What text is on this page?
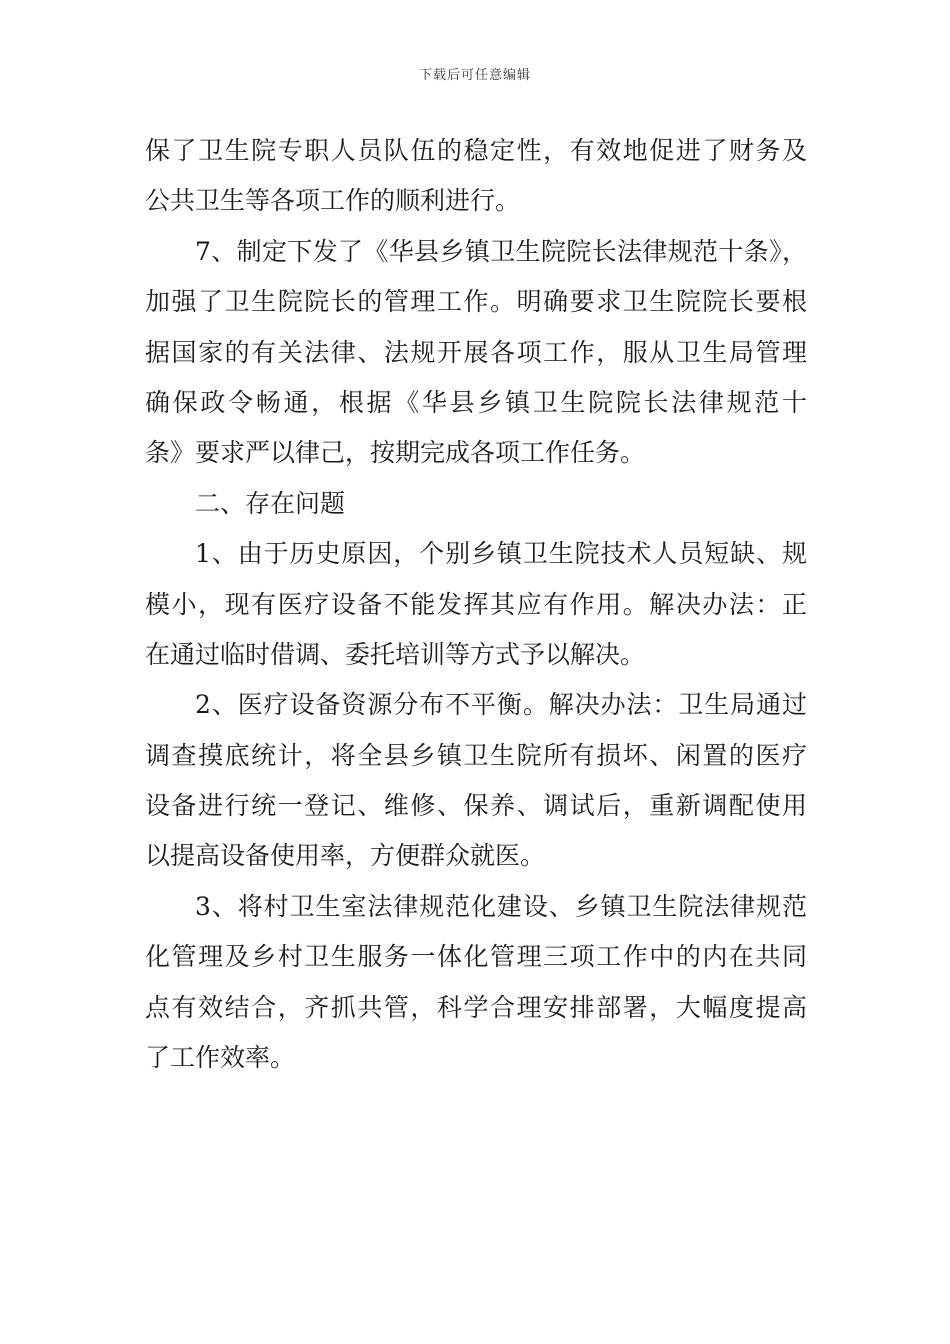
下载后可任意编辑
保了卫生院专职人员队伍的稳定性，有效地促进了财务及
公共卫生等各项工作的顺利进行。
7、制定下发了《华县乡镇卫生院院长法律规范十条》，
加强了卫生院院长的管理工作。明确要求卫生院院长要根
据国家的有关法律、法规开展各项工作，服从卫生局管理
确保政令畅通，根据《华县乡镇卫生院院长法律规范十
条》要求严以律己，按期完成各项工作任务。
二、存在问题
1、由于历史原因，个别乡镇卫生院技术人员短缺、规
模小，现有医疗设备不能发挥其应有作用。解决办法：正
在通过临时借调、委托培训等方式予以解决。
2、医疗设备资源分布不平衡。解决办法：卫生局通过
调查摸底统计，将全县乡镇卫生院所有损坏、闲置的医疗
设备进行统一登记、维修、保养、调试后，重新调配使用
以提高设备使用率，方便群众就医。
3、将村卫生室法律规范化建设、乡镇卫生院法律规范
化管理及乡村卫生服务一体化管理三项工作中的内在共同
点有效结合，齐抓共管，科学合理安排部署，大幅度提高
了工作效率。
